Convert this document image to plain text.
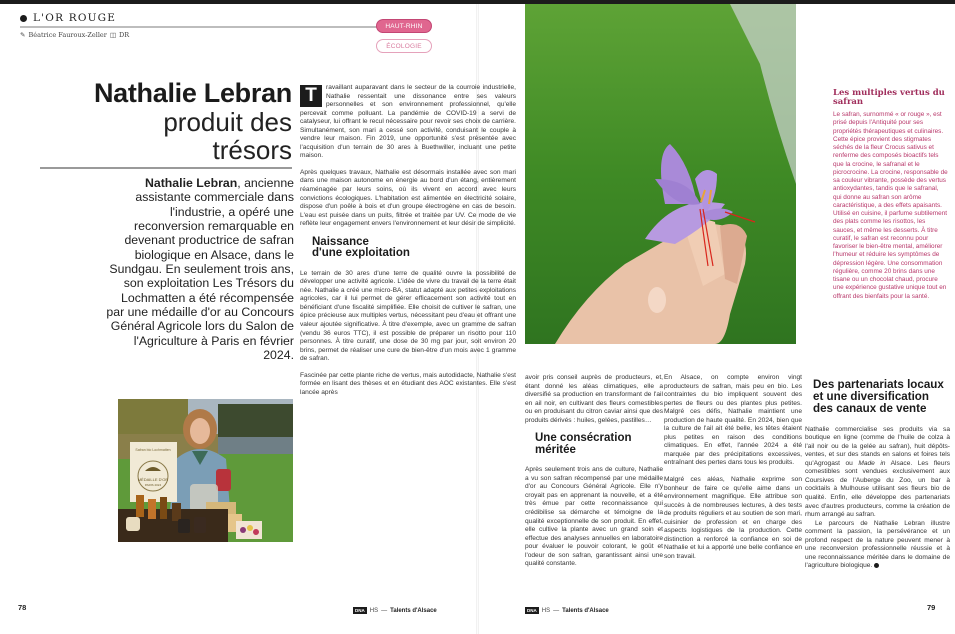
L'OR ROUGE
✎ Béatrice Fauroux-Zeller ◫ DR
HAUT-RHIN
ÉCOLOGIE
Nathalie Lebran
produit des
trésors
Nathalie Lebran, ancienne assistante commerciale dans l'industrie, a opéré une reconversion remarquable en devenant productrice de safran biologique en Alsace, dans le Sundgau. En seulement trois ans, son exploitation Les Trésors du Lochmatten a été récompensée par une médaille d'or au Concours Général Agricole lors du Salon de l'Agriculture à Paris en février 2024.
MÉDAILLE D'OR
Safran bio Lochmatten
PARIS 2024

T	ravaillant auparavant dans le secteur de la courroie industrielle, Nathalie ressentait une dissonance entre ses valeurs personnelles et son environnement professionnel, qu'elle percevait comme polluant. La pandémie de COVID-19 a servi de catalyseur, lui offrant le recul nécessaire pour revoir ses choix de carrière. Simultanément, son mari a cessé son activité, conduisant le couple à vendre leur maison. Fin 2019, une opportunité s'est présentée avec l'acquisition d'un terrain de 30 ares à Buethwiller, incluant une petite maison.

Après quelques travaux, Nathalie est désormais installée avec son mari dans une maison autonome en énergie au bord d'un étang, entièrement réaménagée par leurs soins, où ils vivent en accord avec leurs convictions écologiques. L'habitation est alimentée en électricité solaire, dispose d'un poêle à bois et d'un groupe électrogène en cas de besoin. L'eau est puisée dans un puits, filtrée et traitée par UV. Ce mode de vie reflète leur engagement envers l'environnement et leur désir de simplicité.

Naissance
d'une exploitation

Le terrain de 30 ares d'une terre de qualité ouvre la possibilité de développer une activité agricole. L'idée de vivre du travail de la terre était née. Nathalie a créé une micro-BA, statut adapté aux petites exploitations agricoles, car il lui permet de gérer efficacement son activité tout en bénéficiant d'une fiscalité simplifiée. Elle choisit de cultiver le safran, une épice précieuse aux multiples vertus, nécessitant peu d'eau et offrant une valeur ajoutée significative. À titre d'exemple, avec un gramme de safran (vendu 36 euros TTC), il est possible de préparer un risotto pour 110 personnes. À titre curatif, une dose de 30 mg par jour, soit environ 20 brins, permet de réaliser une cure de bien-être d'un mois avec 1 gramme de safran.

Fascinée par cette plante riche de vertus, mais autodidacte, Nathalie s'est formée en lisant des thèses et en étudiant des AOC existantes. Elle s'est lancée après

Les multiples vertus du safran
Le safran, surnommé « or rouge », est prisé depuis l'Antiquité pour ses propriétés thérapeutiques et culinaires. Cette épice provient des stigmates séchés de la fleur Crocus sativus et renferme des composés bioactifs tels que la crocine, le safranal et le picrocrocine. La crocine, responsable de sa couleur vibrante, possède des vertus antioxydantes, tandis que le safranal, qui donne au safran son arôme caractéristique, a des effets apaisants. Utilisé en cuisine, il parfume subtilement des plats comme les risottos, les sauces, et même les desserts. À titre curatif, le safran est reconnu pour favoriser le bien-être mental, améliorer l'humeur et réduire les symptômes de dépression légère. Une consommation régulière, comme 20 brins dans une tisane ou un chocolat chaud, procure une expérience gustative unique tout en offrant des bienfaits pour la santé.

avoir pris conseil auprès de producteurs, et, étant donné les aléas climatiques, elle a diversifié sa production en transformant de l'ail en ail noir, en cultivant des fleurs comestibles ou en produisant du citron caviar ainsi que des produits dérivés : huiles, gelées, pastilles…

Une consécration
méritée

Après seulement trois ans de culture, Nathalie a vu son safran récompensé par une médaille d'or au Concours Général Agricole. Elle n'y croyait pas en apprenant la nouvelle, et a été très émue par cette reconnaissance qui crédibilise sa démarche et témoigne de la qualité exceptionnelle de son produit. En effet, elle cultive la plante avec un grand soin et effectue des analyses annuelles en laboratoire pour évaluer le pouvoir colorant, le goût et l'odeur de son safran, garantissant ainsi une qualité constante.

En Alsace, on compte environ vingt producteurs de safran, mais peu en bio. Les contraintes du bio impliquent souvent des pertes de fleurs ou des plantes plus petites. Malgré ces défis, Nathalie maintient une production de haute qualité. En 2024, bien que la culture de l'ail ait été belle, les têtes étaient plus petites en raison des conditions climatiques. En effet, l'année 2024 a été marquée par des précipitations excessives, entraînant des pertes dans tous les produits.

Malgré ces aléas, Nathalie exprime son bonheur de faire ce qu'elle aime dans un environnement magnifique. Elle attribue son succès à de nombreuses lectures, à des tests de produits réguliers et au soutien de son mari, cuisinier de profession et en charge des aspects logistiques de la production. Cette distinction a renforcé la confiance en soi de Nathalie et lui a apporté une belle confiance en son travail.

Des partenariats locaux et une diversification des canaux de vente

Nathalie commercialise ses produits via sa boutique en ligne (comme de l'huile de colza à l'ail noir ou de la gelée au safran), huit dépôts-ventes, et sur des stands en salons et foires tels qu'Agrogast ou Made in Alsace. Les fleurs comestibles sont vendues exclusivement aux Coursives de l'Auberge du Zoo, un bar à cocktails à Mulhouse utilisant ses fleurs bio de qualité. Enfin, elle développe des partenariats avec d'autres producteurs, comme la création de rhum arrangé au safran.

Le parcours de Nathalie Lebran illustre comment la passion, la persévérance et un profond respect de la nature peuvent mener à une reconversion professionnelle réussie et à une reconnaissance méritée dans le domaine de l'agriculture biologique.

78	79
DNA HS — Talents d'Alsace	DNA HS — Talents d'Alsace
